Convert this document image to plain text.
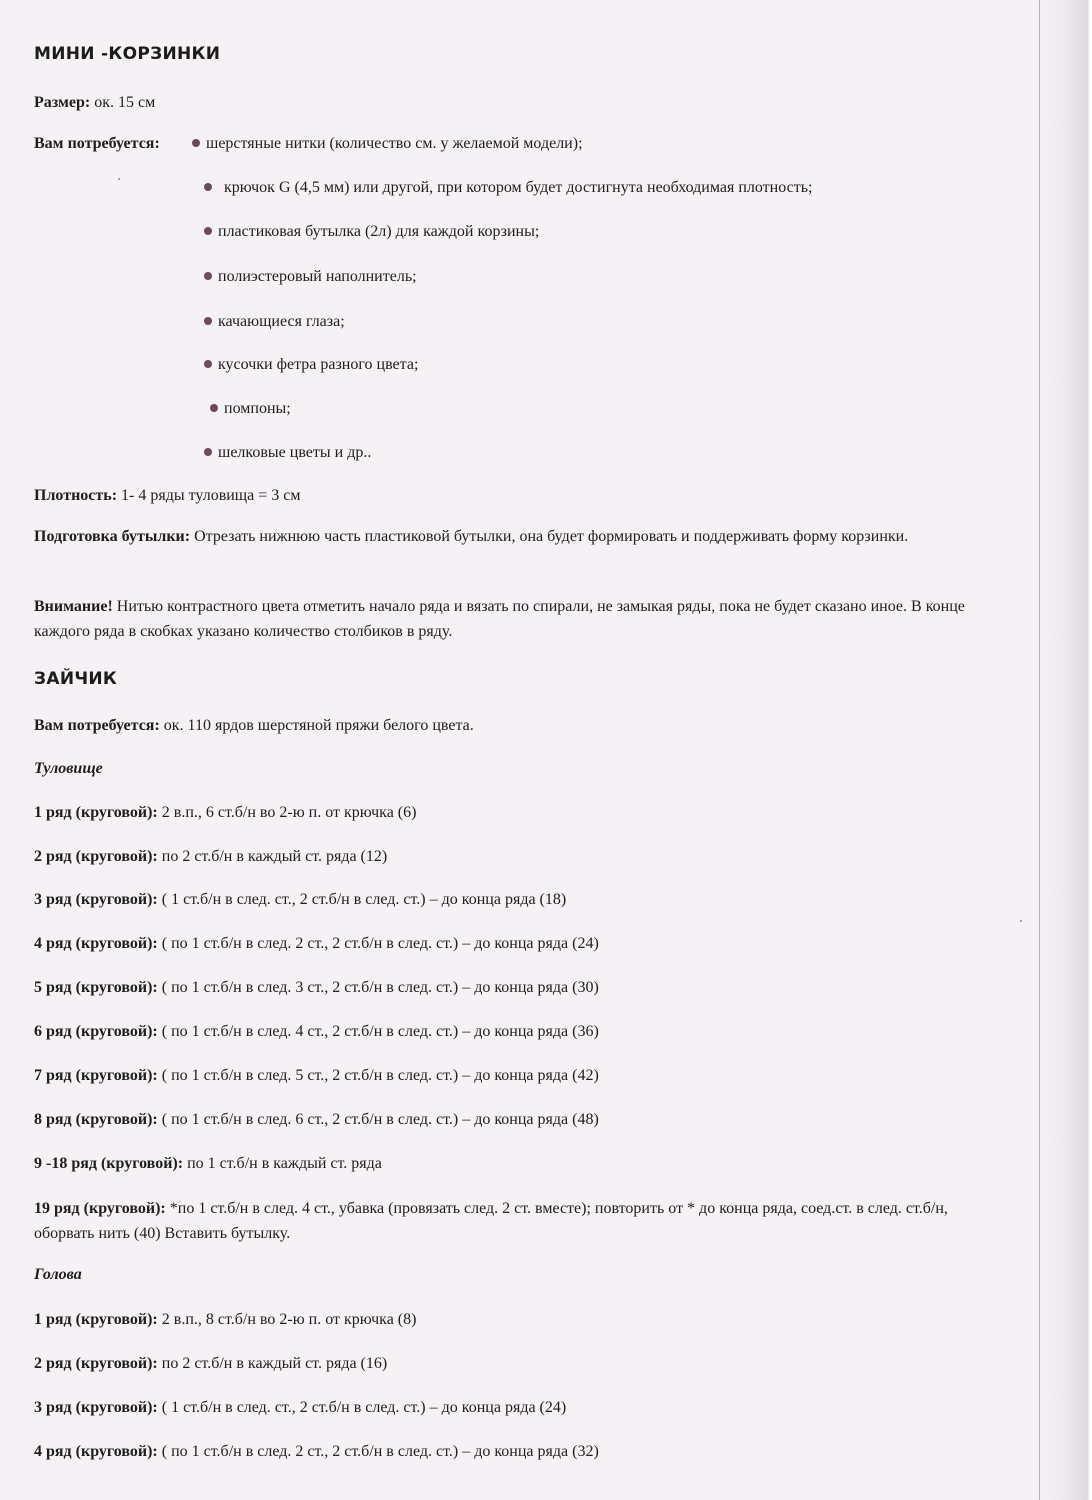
МИНИ -КОРЗИНКИ
Размер: ок. 15 см
Вам потребуется:	шерстяные нитки (количество см. у желаемой модели);
крючок G (4,5 мм) или другой, при котором будет достигнута необходимая плотность;
пластиковая бутылка (2л) для каждой корзины;
полиэстеровый наполнитель;
качающиеся глаза;
кусочки фетра разного цвета;
помпоны;
шелковые цветы и др..
Плотность: 1- 4 ряды туловища = 3 см
Подготовка бутылки: Отрезать нижнюю часть пластиковой бутылки, она будет формировать и поддерживать форму корзинки.
Внимание! Нитью контрастного цвета отметить начало ряда и вязать по спирали, не замыкая ряды, пока не будет сказано иное. В конце каждого ряда в скобках указано количество столбиков в ряду.
ЗАЙЧИК
Вам потребуется: ок. 110 ярдов шерстяной пряжи белого цвета.
Туловище
1 ряд (круговой): 2 в.п., 6 ст.б/н во 2-ю п. от крючка (6)
2 ряд (круговой): по 2 ст.б/н в каждый ст. ряда (12)
3 ряд (круговой): ( 1 ст.б/н в след. ст., 2 ст.б/н в след. ст.) – до конца ряда (18)
4 ряд (круговой): ( по 1 ст.б/н в след. 2 ст., 2 ст.б/н в след. ст.) – до конца ряда (24)
5 ряд (круговой): ( по 1 ст.б/н в след. 3 ст., 2 ст.б/н в след. ст.) – до конца ряда (30)
6 ряд (круговой): ( по 1 ст.б/н в след. 4 ст., 2 ст.б/н в след. ст.) – до конца ряда (36)
7 ряд (круговой): ( по 1 ст.б/н в след. 5 ст., 2 ст.б/н в след. ст.) – до конца ряда (42)
8 ряд (круговой): ( по 1 ст.б/н в след. 6 ст., 2 ст.б/н в след. ст.) – до конца ряда (48)
9 -18 ряд (круговой): по 1 ст.б/н в каждый ст. ряда
19 ряд (круговой): *по 1 ст.б/н в след. 4 ст., убавка (провязать след. 2 ст. вместе); повторить от * до конца ряда, соед.ст. в след. ст.б/н, оборвать нить (40) Вставить бутылку.
Голова
1 ряд (круговой): 2 в.п., 8 ст.б/н во 2-ю п. от крючка (8)
2 ряд (круговой): по 2 ст.б/н в каждый ст. ряда (16)
3 ряд (круговой): ( 1 ст.б/н в след. ст., 2 ст.б/н в след. ст.) – до конца ряда (24)
4 ряд (круговой): ( по 1 ст.б/н в след. 2 ст., 2 ст.б/н в след. ст.) – до конца ряда (32)
